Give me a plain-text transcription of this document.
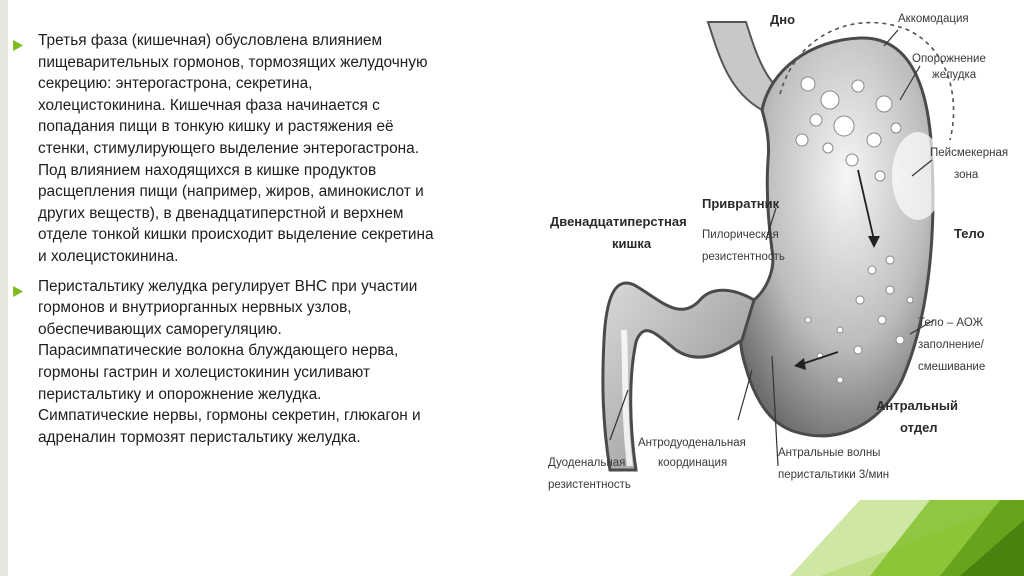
Третья фаза (кишечная) обусловлена влиянием
пищеварительных гормонов, тормозящих желудочную
секрецию: энтерогастрона, секретина,
холецистокинина. Кишечная фаза начинается с
попадания пищи в тонкую кишку и растяжения её
стенки, стимулирующего выделение энтерогастрона.
Под влиянием находящихся в кишке продуктов
расщепления пищи (например, жиров, аминокислот и
других веществ), в двенадцатиперстной и верхнем
отделе тонкой кишки происходит выделение секретина
и холецистокинина.
Перистальтику желудка регулирует ВНС при участии
гормонов и внутриорганных нервных узлов,
обеспечивающих саморегуляцию.
Парасимпатические волокна блуждающего нерва,
гормоны гастрин и холецистокинин усиливают
перистальтику и опорожнение желудка.
Симпатические нервы, гормоны секретин, глюкагон и
адреналин тормозят перистальтику желудка.
Дно	Аккомодация
Опорожнение
желудка
Пейсмекерная
зона
Тело
Привратник
Пилорическая
резистентность
Двенадцатиперстная
кишка
Тело – АОЖ
заполнение/
смешивание
Антральный
отдел
Антродуоденальная
координация
Антральные волны
перистальтики 3/мин
Дуоденальная
резистентность
